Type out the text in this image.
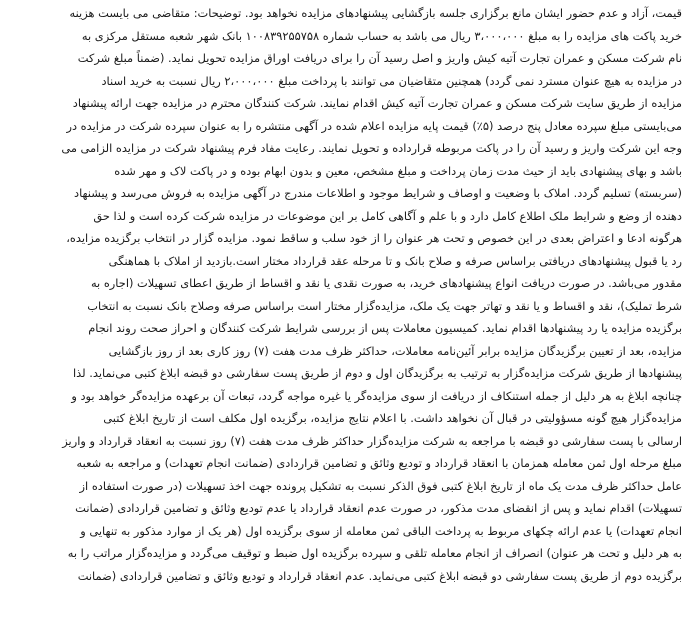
قیمت، آزاد و عدم حضور ایشان مانع برگزاری جلسه بازگشایی پیشنهادهای مزایده نخواهد بود. توضیحات: متقاضی می بایست هزینه
خرید پاکت های مزایده را به مبلغ ۳،۰۰۰،۰۰۰ ریال می باشد به حساب شماره ۱۰۰۸۳۹۲۵۵۷۵۸ بانک شهر شعبه مستقل مرکزی به
نام شرکت مسکن و عمران تجارت آتیه کیش واریز و اصل رسید آن را برای دریافت اوراق مزایده تحویل نماید. (ضمناً مبلغ شرکت
در مزایده به هیچ عنوان مسترد نمی گردد) همچنین متقاضیان می توانند با پرداخت مبلغ ۲،۰۰۰،۰۰۰ ریال نسبت به خرید اسناد
مزایده از طریق سایت شرکت مسکن و عمران تجارت آتیه کیش اقدام نمایند. شرکت کنندگان محترم در مزایده جهت ارائه پیشنهاد
می‌بایستی مبلغ سپرده معادل پنج درصد (۵٪) قیمت پایه مزایده اعلام شده در آگهی منتشره را به عنوان سپرده شرکت در مزایده در
وجه این شرکت واریز و رسید آن را در پاکت مربوطه قرارداده و تحویل نمایند. رعایت مفاد فرم پیشنهاد شرکت در مزایده الزامی می
باشد و بهای پیشنهادی باید از حیث مدت زمان پرداخت و مبلغ مشخص، معین و بدون ابهام بوده و در پاکت لاک و مهر شده
(سربسته) تسلیم گردد. املاک با وضعیت و اوصاف و شرایط موجود و اطلاعات مندرج در آگهی مزایده به فروش می‌رسد و پیشنهاد
دهنده از وضع و شرایط ملک اطلاع کامل دارد و با علم و آگاهی کامل بر این موضوعات در مزایده شرکت کرده است و لذا حق
هرگونه ادعا و اعتراض بعدی در این خصوص و تحت هر عنوان را از خود سلب و ساقط نمود. مزایده گزار در انتخاب برگزیده مزایده،
رد یا قبول پیشنهادهای دریافتی براساس صرفه و صلاح بانک و تا مرحله عقد قرارداد مختار است.بازدید از املاک با هماهنگی
مقدور می‌باشد. در صورت دریافت انواع پیشنهادهای خرید، به صورت نقدی یا نقد و اقساط از طریق اعطای تسهیلات (اجاره به
شرط تملیک)، نقد و اقساط و یا نقد و تهاتر جهت یک ملک، مزایده‌گزار مختار است براساس صرفه وصلاح بانک نسبت به انتخاب
برگزیده مزایده یا رد پیشنهادها اقدام نماید. کمیسیون معاملات پس از بررسی شرایط شرکت کنندگان و احراز صحت روند انجام
مزایده، بعد از تعیین برگزیدگان مزایده برابر آئین‌نامه معاملات، حداکثر ظرف مدت هفت (۷) روز کاری بعد از روز بازگشایی
پیشنهادها از طریق شرکت مزایده‌گزار به ترتیب به برگزیدگان اول و دوم از طریق پست سفارشی دو قبضه ابلاغ کتبی می‌نماید. لذا
چنانچه ابلاغ به هر دلیل از جمله استنکاف از دریافت از سوی مزایده‌گر یا غیره مواجه گردد، تبعات آن برعهده مزایده‌گر خواهد بود و
مزایده‌گزار هیچ گونه مسؤولیتی در قبال آن نخواهد داشت. با اعلام نتایج مزایده، برگزیده اول مکلف است از تاریخ ابلاغ کتبی
ارسالی با پست سفارشی دو قبضه با مراجعه به شرکت مزایده‌گزار حداکثر ظرف مدت هفت (۷) روز نسبت به انعقاد قرارداد و واریز
مبلغ مرحله اول ثمن معامله همزمان با انعقاد قرارداد و تودیع وثائق و تضامین قراردادی (ضمانت انجام تعهدات) و مراجعه به شعبه
عامل حداکثر ظرف مدت یک ماه از تاریخ ابلاغ کتبی فوق الذکر نسبت به تشکیل پرونده جهت اخذ تسهیلات (در صورت استفاده از
تسهیلات) اقدام نماید و پس از انقضای مدت مذکور، در صورت عدم انعقاد قرارداد یا عدم تودیع وثائق و تضامین قراردادی (ضمانت
انجام تعهدات) یا عدم ارائه چکهای مربوط به پرداخت الباقی ثمن معامله از سوی برگزیده اول (هر یک از موارد مذکور به تنهایی و
به هر دلیل و تحت هر عنوان) انصراف از انجام معامله تلقی و سپرده برگزیده اول ضبط و توقیف می‌گردد و مزایده‌گزار مراتب را به
برگزیده دوم از طریق پست سفارشی دو قبضه ابلاغ کتبی می‌نماید. عدم انعقاد قرارداد و تودیع وثائق و تضامین قراردادی (ضمانت
